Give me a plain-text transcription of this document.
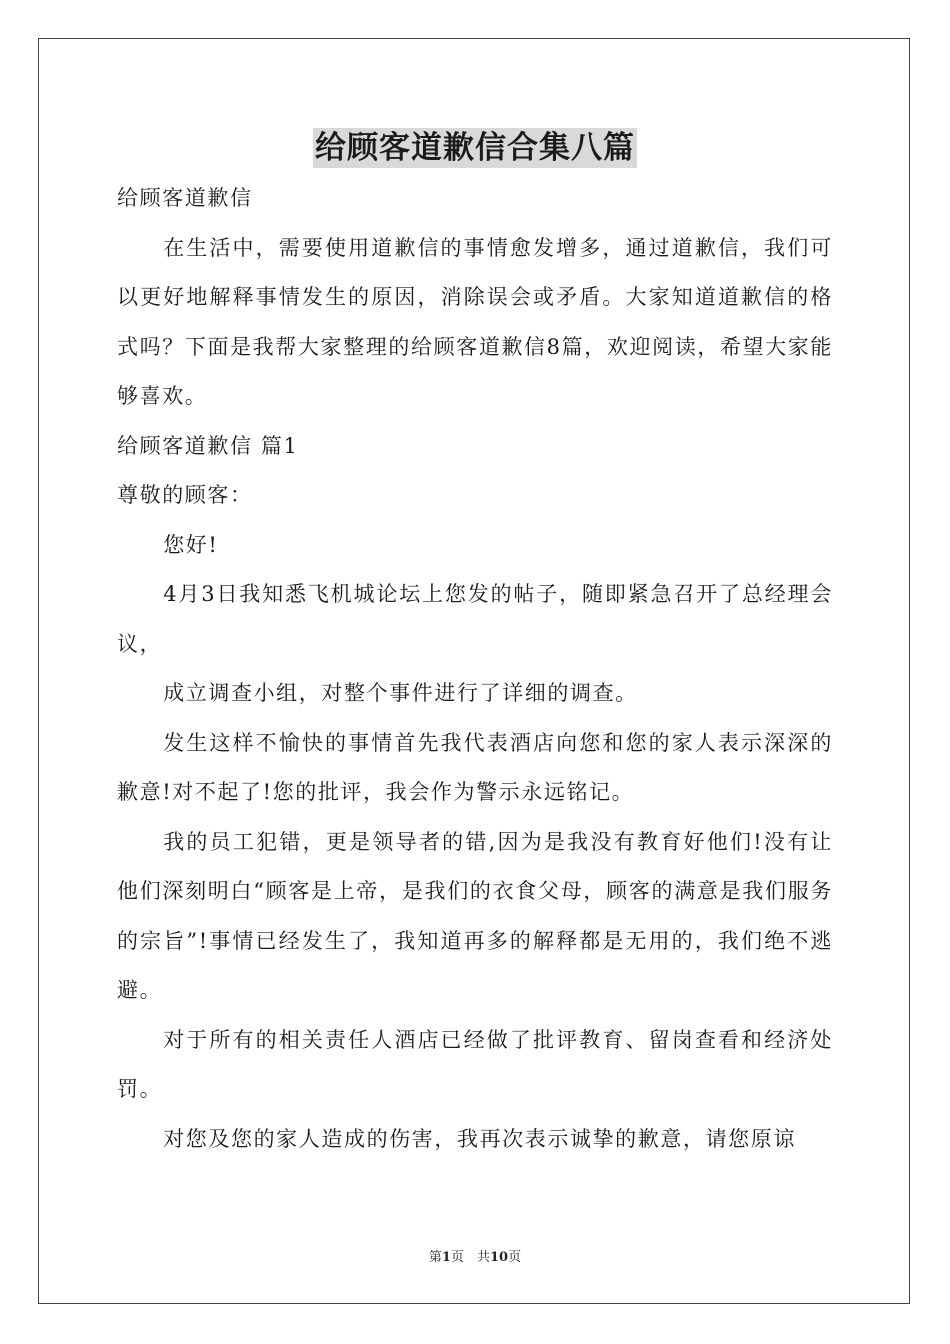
给顾客道歉信合集八篇

给顾客道歉信

在生活中，需要使用道歉信的事情愈发增多，通过道歉信，我们可以更好地解释事情发生的原因，消除误会或矛盾。大家知道道歉信的格式吗？下面是我帮大家整理的给顾客道歉信8篇，欢迎阅读，希望大家能够喜欢。

给顾客道歉信 篇1

尊敬的顾客：

您好!

4月3日我知悉飞机城论坛上您发的帖子，随即紧急召开了总经理会议，

成立调查小组，对整个事件进行了详细的调查。

发生这样不愉快的事情首先我代表酒店向您和您的家人表示深深的歉意!对不起了!您的批评，我会作为警示永远铭记。

我的员工犯错，更是领导者的错,因为是我没有教育好他们!没有让他们深刻明白“顾客是上帝，是我们的衣食父母，顾客的满意是我们服务的宗旨”!事情已经发生了，我知道再多的解释都是无用的，我们绝不逃避。

对于所有的相关责任人酒店已经做了批评教育、留岗查看和经济处罚。

对您及您的家人造成的伤害，我再次表示诚挚的歉意，请您原谅

第1页　共10页
